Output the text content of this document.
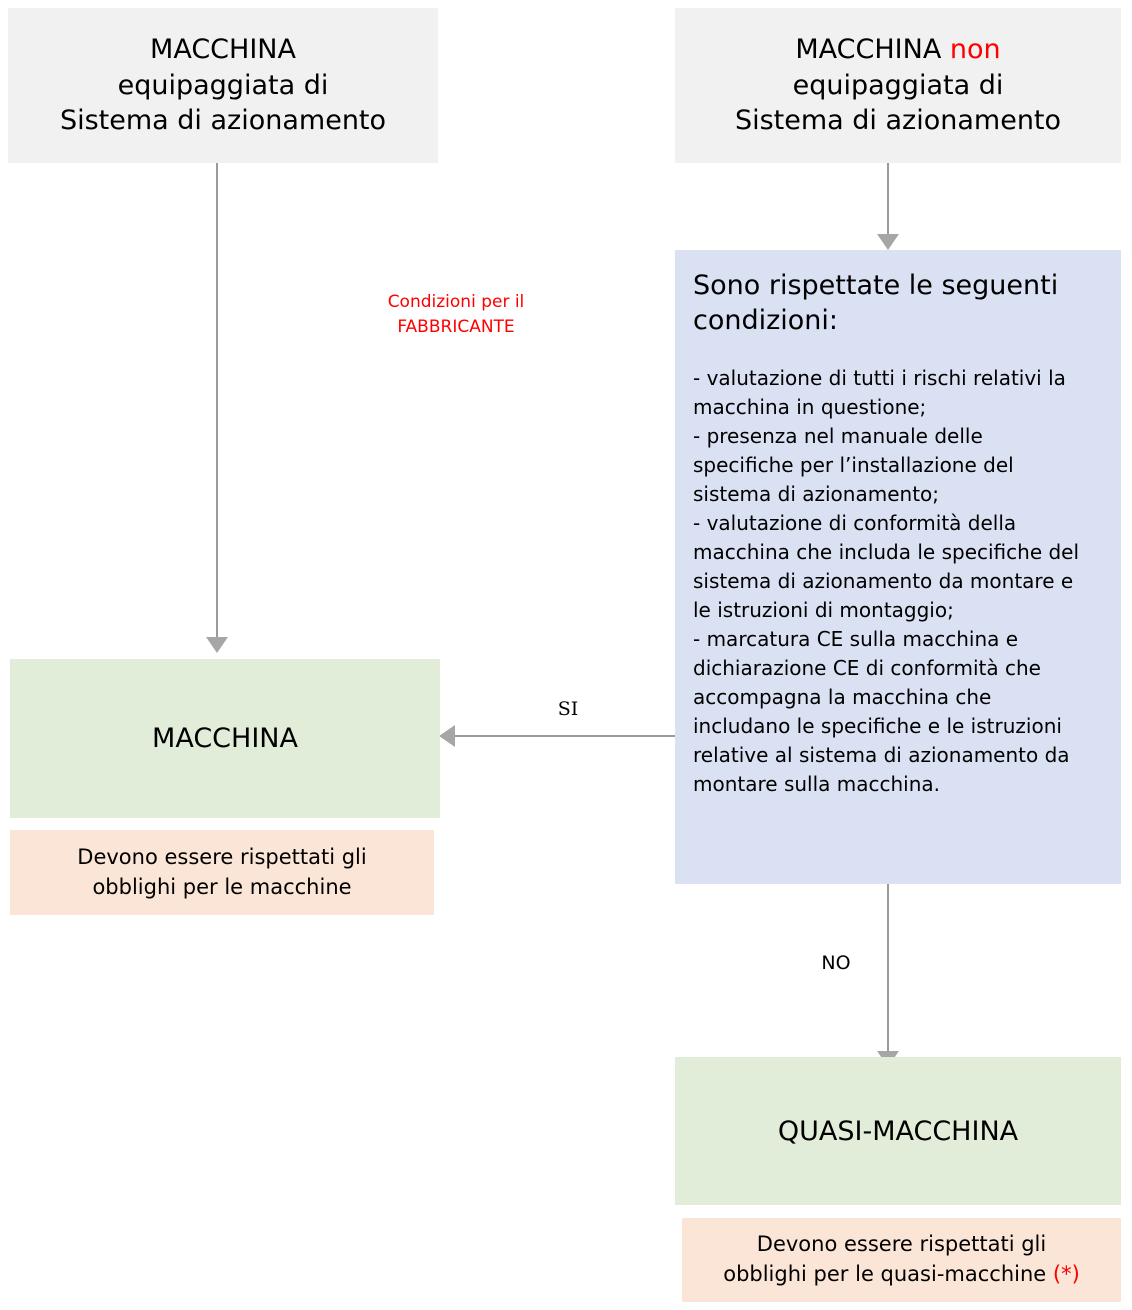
MACCHINA
equipaggiata di
Sistema di azionamento
MACCHINA non
equipaggiata di
Sistema di azionamento
Condizioni per il
FABBRICANTE
Sono rispettate le seguenti condizioni:
- valutazione di tutti i rischi relativi la
macchina in questione;
- presenza nel manuale delle
specifiche per l’installazione del
sistema di azionamento;
- valutazione di conformità della
macchina che includa le specifiche del
sistema di azionamento da montare e
le istruzioni di montaggio;
- marcatura CE sulla macchina e
dichiarazione CE di conformità che
accompagna la macchina che
includano le specifiche e le istruzioni
relative al sistema di azionamento da
montare sulla macchina.
SI
NO
MACCHINA
Devono essere rispettati gli
obblighi per le macchine
QUASI-MACCHINA
Devono essere rispettati gli
obblighi per le quasi-macchine (*)
